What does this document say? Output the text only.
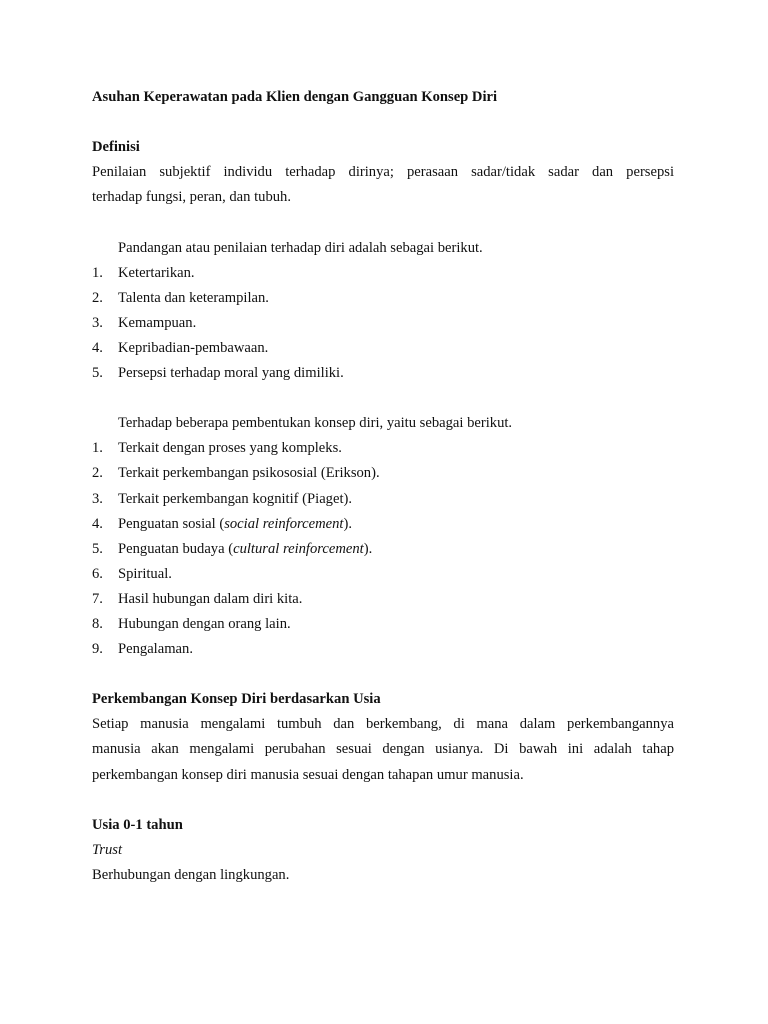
Asuhan Keperawatan pada Klien dengan Gangguan Konsep Diri
Definisi
Penilaian subjektif individu terhadap dirinya; perasaan sadar/tidak sadar dan persepsi
terhadap fungsi, peran, dan tubuh.
Pandangan atau penilaian terhadap diri adalah sebagai berikut.
1.	Ketertarikan.
2.	Talenta dan keterampilan.
3.	Kemampuan.
4.	Kepribadian-pembawaan.
5.	Persepsi terhadap moral yang dimiliki.
Terhadap beberapa pembentukan konsep diri, yaitu sebagai berikut.
1.	Terkait dengan proses yang kompleks.
2.	Terkait perkembangan psikososial (Erikson).
3.	Terkait perkembangan kognitif (Piaget).
4.	Penguatan sosial (social reinforcement).
5.	Penguatan budaya (cultural reinforcement).
6.	Spiritual.
7.	Hasil hubungan dalam diri kita.
8.	Hubungan dengan orang lain.
9.	Pengalaman.
Perkembangan Konsep Diri berdasarkan Usia
Setiap manusia mengalami tumbuh dan berkembang, di mana dalam perkembangannya
manusia akan mengalami perubahan sesuai dengan usianya. Di bawah ini adalah tahap
perkembangan konsep diri manusia sesuai dengan tahapan umur manusia.
Usia 0-1 tahun
Trust
Berhubungan dengan lingkungan.
